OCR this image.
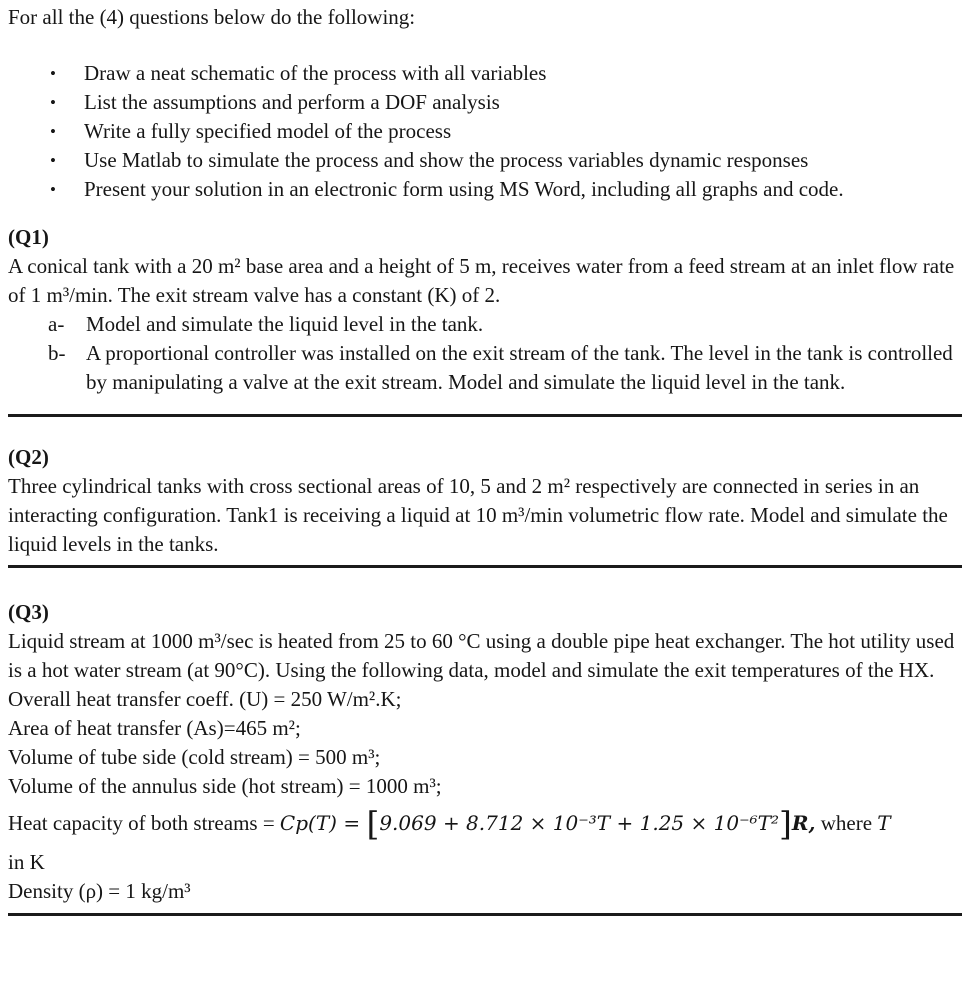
For all the (4) questions below do the following:

•	Draw a neat schematic of the process with all variables
•	List the assumptions and perform a DOF analysis
•	Write a fully specified model of the process
•	Use Matlab to simulate the process and show the process variables dynamic responses
•	Present your solution in an electronic form using MS Word, including all graphs and code.
(Q1)

A conical tank with a 20 m² base area and a height of 5 m, receives water from a feed stream at an inlet flow rate of 1 m³/min. The exit stream valve has a constant (K) of 2.

a-	Model and simulate the liquid level in the tank.
b- A proportional controller was installed on the exit stream of the tank. The level in the tank is controlled by manipulating a valve at the exit stream. Model and simulate the liquid level in the tank.
(Q2)

Three cylindrical tanks with cross sectional areas of 10, 5 and 2 m² respectively are connected in series in an interacting configuration. Tank1 is receiving a liquid at 10 m³/min volumetric flow rate. Model and simulate the liquid levels in the tanks.

(Q3)

Liquid stream at 1000 m³/sec is heated from 25 to 60 °C using a double pipe heat exchanger. The hot utility used is a hot water stream (at 90°C). Using the following data, model and simulate the exit temperatures of the HX.

Overall heat transfer coeff. (U) = 250 W/m².K;
Area of heat transfer (As)=465 m²;
Volume of tube side (cold stream) = 500 m³;
Volume of the annulus side (hot stream) = 1000 m³;
Heat capacity of both streams = Cp(T) = [9.069 + 8.712 × 10⁻³T + 1.25 × 10⁻⁶T²]R, where T
in K
Density (ρ) = 1 kg/m³
